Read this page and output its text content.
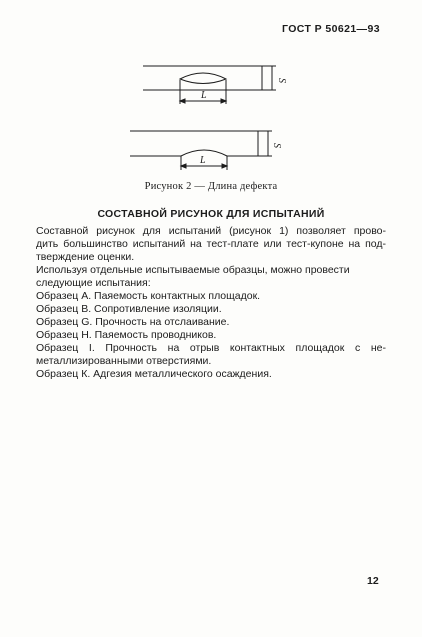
ГОСТ Р 50621—93
L
S
L
S
Рисунок 2 — Длина дефекта
СОСТАВНОЙ РИСУНОК ДЛЯ ИСПЫТАНИЙ

Составной рисунок для испытаний (рисунок 1) позволяет прово-

дить большинство испытаний на тест-плате или тест-купоне на под-

тверждение оценки.

Используя отдельные испытываемые образцы, можно провести

следующие испытания:

Образец А. Паяемость контактных площадок.

Образец В. Сопротивление изоляции.

Образец G. Прочность на отслаивание.

Образец Н. Паяемость проводников.

Образец I. Прочность на отрыв контактных площадок с не-

металлизированными отверстиями.

Образец К. Адгезия металлического осаждения.

12
